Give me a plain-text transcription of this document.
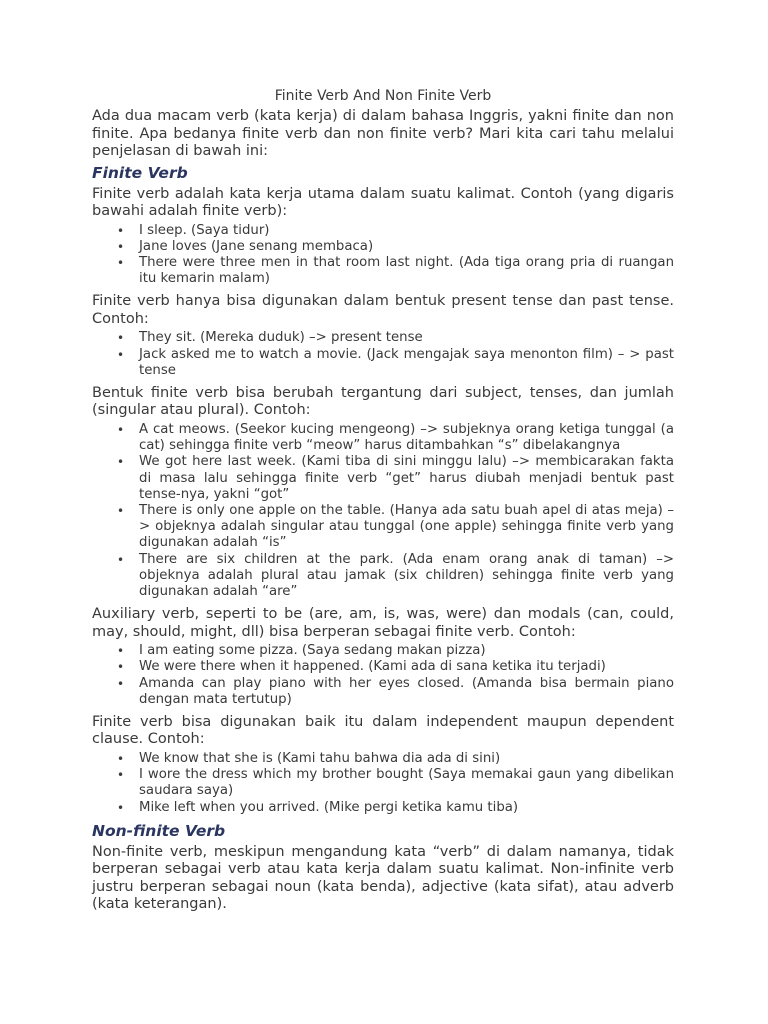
Finite Verb And Non Finite Verb

Ada dua macam verb (kata kerja) di dalam bahasa Inggris, yakni finite dan non finite. Apa bedanya finite verb dan non finite verb? Mari kita cari tahu melalui penjelasan di bawah ini:

Finite Verb

Finite verb adalah kata kerja utama dalam suatu kalimat. Contoh (yang digaris bawahi adalah finite verb):

• I sleep. (Saya tidur)
• Jane loves (Jane senang membaca)
• There were three men in that room last night. (Ada tiga orang pria di ruangan itu kemarin malam)

Finite verb hanya bisa digunakan dalam bentuk present tense dan past tense. Contoh:

• They sit. (Mereka duduk) –> present tense
• Jack asked me to watch a movie. (Jack mengajak saya menonton film) – > past tense

Bentuk finite verb bisa berubah tergantung dari subject, tenses, dan jumlah (singular atau plural). Contoh:

• A cat meows. (Seekor kucing mengeong) –> subjeknya orang ketiga tunggal (a cat) sehingga finite verb “meow” harus ditambahkan “s” dibelakangnya
• We got here last week. (Kami tiba di sini minggu lalu) –> membicarakan fakta di masa lalu sehingga finite verb “get” harus diubah menjadi bentuk past tense-nya, yakni “got”
• There is only one apple on the table. (Hanya ada satu buah apel di atas meja) –> objeknya adalah singular atau tunggal (one apple) sehingga finite verb yang digunakan adalah “is”
• There are six children at the park. (Ada enam orang anak di taman) –> objeknya adalah plural atau jamak (six children) sehingga finite verb yang digunakan adalah “are”

Auxiliary verb, seperti to be (are, am, is, was, were) dan modals (can, could, may, should, might, dll) bisa berperan sebagai finite verb. Contoh:

• I am eating some pizza. (Saya sedang makan pizza)
• We were there when it happened. (Kami ada di sana ketika itu terjadi)
• Amanda can play piano with her eyes closed. (Amanda bisa bermain piano dengan mata tertutup)

Finite verb bisa digunakan baik itu dalam independent maupun dependent clause. Contoh:

• We know that she is (Kami tahu bahwa dia ada di sini)
• I wore the dress which my brother bought (Saya memakai gaun yang dibelikan saudara saya)
• Mike left when you arrived. (Mike pergi ketika kamu tiba)
Non-finite Verb

Non-finite verb, meskipun mengandung kata “verb” di dalam namanya, tidak berperan sebagai verb atau kata kerja dalam suatu kalimat. Non-infinite verb justru berperan sebagai noun (kata benda), adjective (kata sifat), atau adverb (kata keterangan).
